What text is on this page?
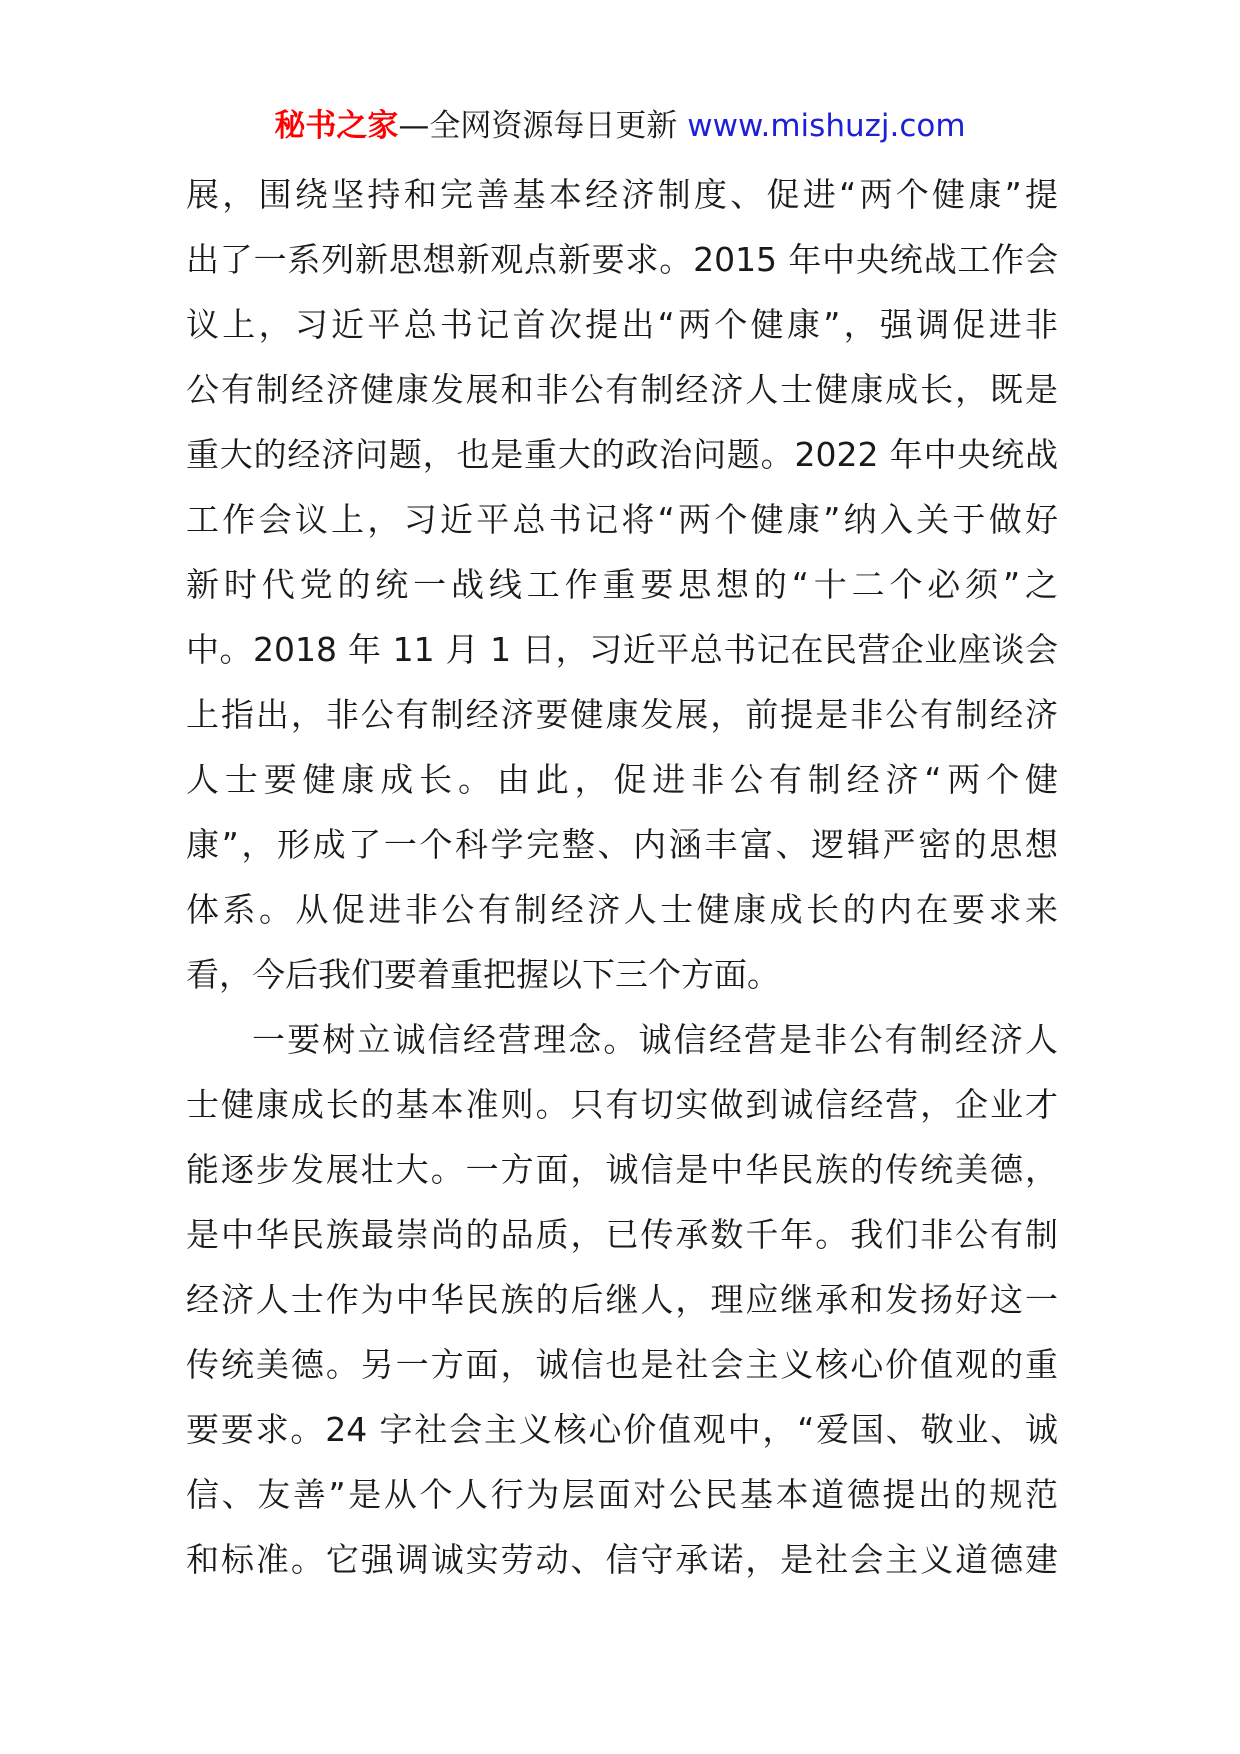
秘书之家—全网资源每日更新 www.mishuzj.com
展，围绕坚持和完善基本经济制度、促进“两个健康”提
出了一系列新思想新观点新要求。2015 年中央统战工作会
议上，习近平总书记首次提出“两个健康”，强调促进非
公有制经济健康发展和非公有制经济人士健康成长，既是
重大的经济问题，也是重大的政治问题。2022 年中央统战
工作会议上，习近平总书记将“两个健康”纳入关于做好
新时代党的统一战线工作重要思想的“十二个必须”之
中。2018 年 11 月 1 日，习近平总书记在民营企业座谈会
上指出，非公有制经济要健康发展，前提是非公有制经济
人士要健康成长。由此，促进非公有制经济“两个健
康”，形成了一个科学完整、内涵丰富、逻辑严密的思想
体系。从促进非公有制经济人士健康成长的内在要求来
看，今后我们要着重把握以下三个方面。
一要树立诚信经营理念。诚信经营是非公有制经济人
士健康成长的基本准则。只有切实做到诚信经营，企业才
能逐步发展壮大。一方面，诚信是中华民族的传统美德，
是中华民族最崇尚的品质，已传承数千年。我们非公有制
经济人士作为中华民族的后继人，理应继承和发扬好这一
传统美德。另一方面，诚信也是社会主义核心价值观的重
要要求。24 字社会主义核心价值观中，“爱国、敬业、诚
信、友善”是从个人行为层面对公民基本道德提出的规范
和标准。它强调诚实劳动、信守承诺，是社会主义道德建
